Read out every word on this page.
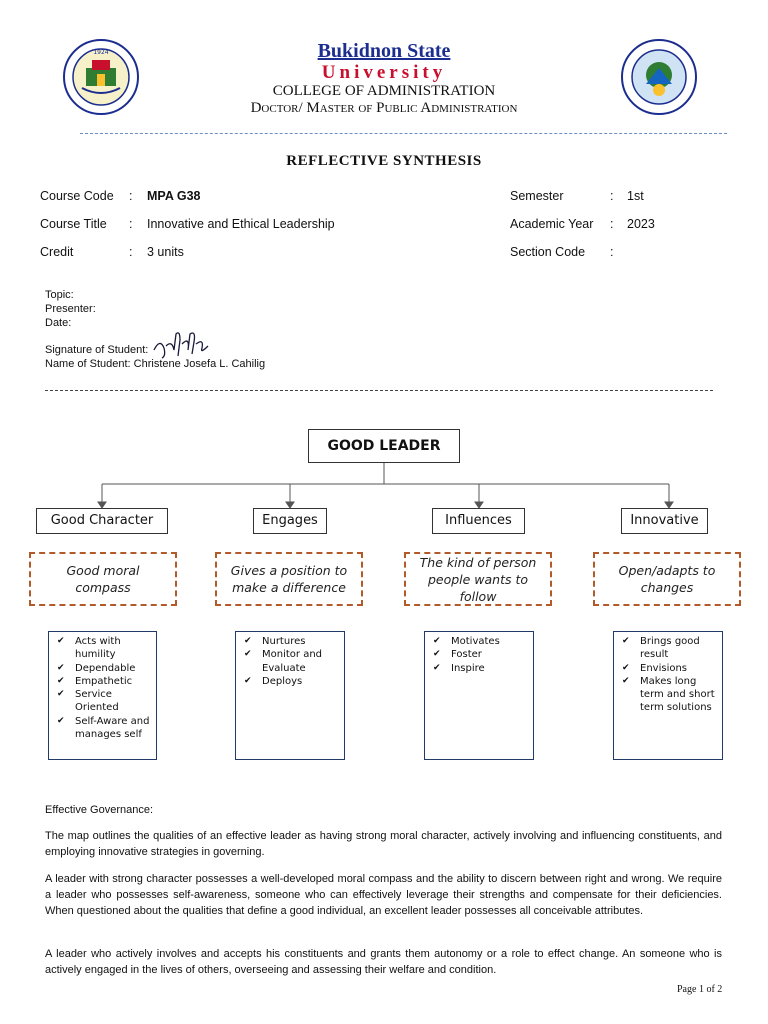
1924	Bukidnon State
University
COLLEGE OF ADMINISTRATION
Doctor/ Master of Public Administration
REFLECTIVE SYNTHESIS
Course Code : MPA G38
Course Title : Innovative and Ethical Leadership
Credit	: 3 units
Semester	: 1st
Academic Year : 2023
Section Code :
Topic:
Presenter:
Date:
Signature of Student:
Name of Student: Christene Josefa L. Cahilig
GOOD LEADER
Good Character	Engages	Influences	Innovative
Good moral compass
Gives a position to make a difference
The kind of person people wants to follow
Open/adapts to changes
✔ Acts with humility
✔ Dependable
✔ Empathetic
✔ Service Oriented
✔ Self-Aware and manages self
✔ Nurtures
✔ Monitor and Evaluate
✔ Deploys
✔ Motivates
✔ Foster
✔ Inspire
✔ Brings good result
✔ Envisions
✔ Makes long term and short term solutions
Effective Governance:
The map outlines the qualities of an effective leader as having strong moral character, actively involving and influencing constituents, and employing innovative strategies in governing.
A leader with strong character possesses a well-developed moral compass and the ability to discern between right and wrong. We require a leader who possesses self-awareness, someone who can effectively leverage their strengths and compensate for their deficiencies. When questioned about the qualities that define a good individual, an excellent leader possesses all conceivable attributes.
A leader who actively involves and accepts his constituents and grants them autonomy or a role to effect change. An someone who is actively engaged in the lives of others, overseeing and assessing their welfare and condition.
Page 1 of 2
